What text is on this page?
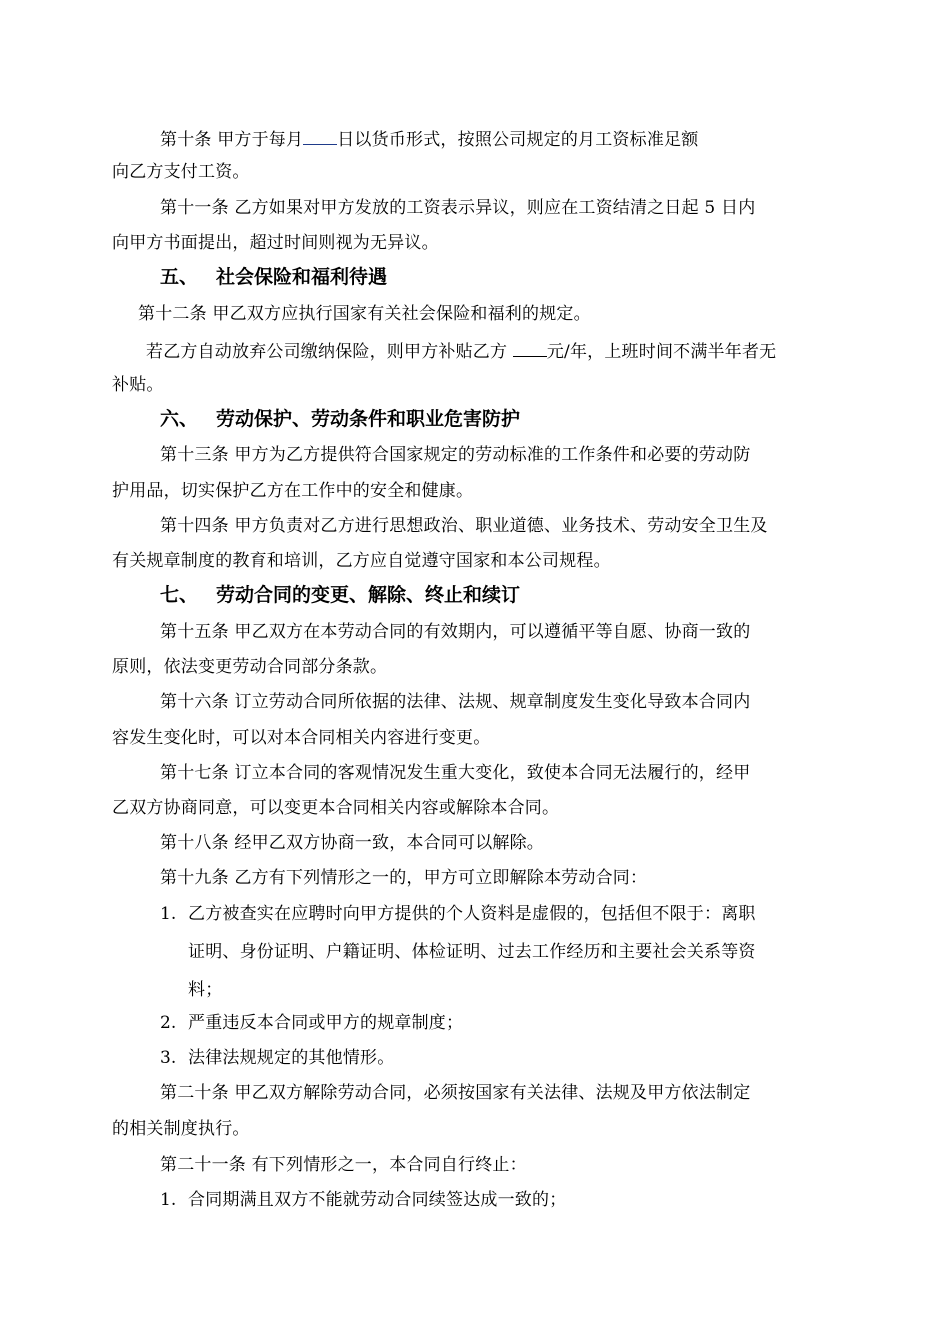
第十条 甲方于每月 日以货币形式，按照公司规定的月工资标准足额
向乙方支付工资。
第十一条 乙方如果对甲方发放的工资表示异议，则应在工资结清之日起 5 日内
向甲方书面提出，超过时间则视为无异议。
五、 社会保险和福利待遇
第十二条 甲乙双方应执行国家有关社会保险和福利的规定。
若乙方自动放弃公司缴纳保险，则甲方补贴乙方 元/年，上班时间不满半年者无
补贴。
六、 劳动保护、劳动条件和职业危害防护
第十三条 甲方为乙方提供符合国家规定的劳动标准的工作条件和必要的劳动防
护用品，切实保护乙方在工作中的安全和健康。
第十四条 甲方负责对乙方进行思想政治、职业道德、业务技术、劳动安全卫生及
有关规章制度的教育和培训，乙方应自觉遵守国家和本公司规程。
七、 劳动合同的变更、解除、终止和续订
第十五条 甲乙双方在本劳动合同的有效期内，可以遵循平等自愿、协商一致的
原则，依法变更劳动合同部分条款。
第十六条 订立劳动合同所依据的法律、法规、规章制度发生变化导致本合同内
容发生变化时，可以对本合同相关内容进行变更。
第十七条 订立本合同的客观情况发生重大变化，致使本合同无法履行的，经甲
乙双方协商同意，可以变更本合同相关内容或解除本合同。
第十八条 经甲乙双方协商一致，本合同可以解除。
第十九条 乙方有下列情形之一的，甲方可立即解除本劳动合同：
1. 乙方被查实在应聘时向甲方提供的个人资料是虚假的，包括但不限于：离职
证明、身份证明、户籍证明、体检证明、过去工作经历和主要社会关系等资
料；
2. 严重违反本合同或甲方的规章制度；
3. 法律法规规定的其他情形。
第二十条 甲乙双方解除劳动合同，必须按国家有关法律、法规及甲方依法制定
的相关制度执行。
第二十一条 有下列情形之一，本合同自行终止：
1. 合同期满且双方不能就劳动合同续签达成一致的；
